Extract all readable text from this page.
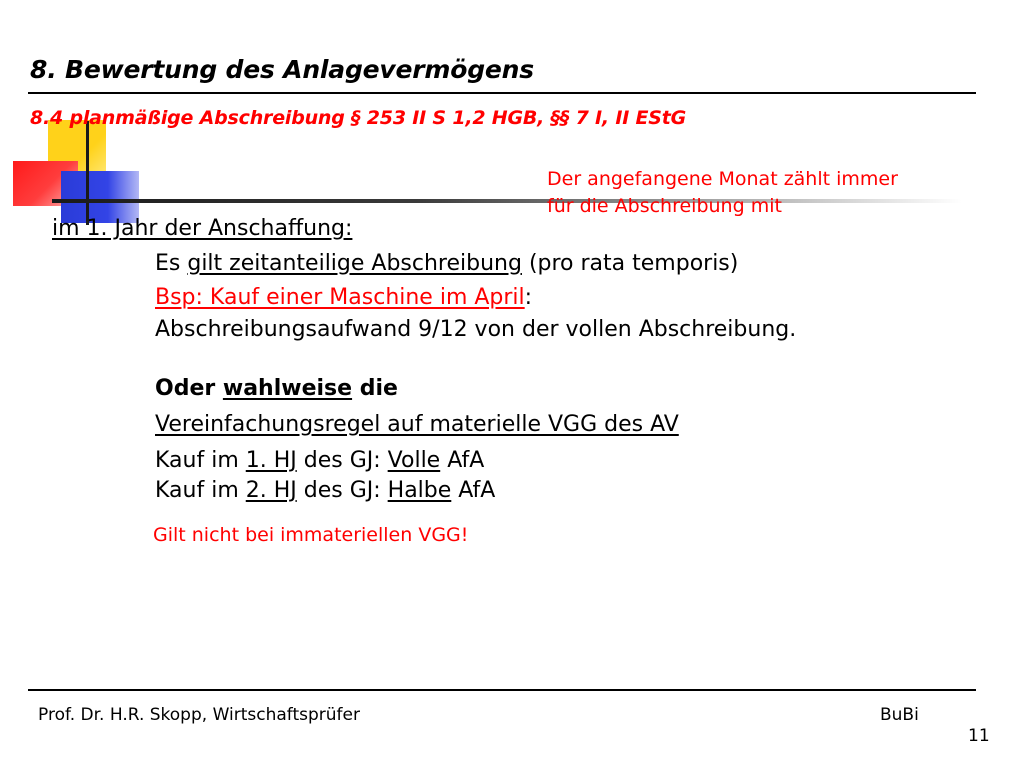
8. Bewertung des Anlagevermögens
8.4 planmäßige Abschreibung § 253 II S 1,2 HGB, §§ 7 I, II EStG
Der angefangene Monat zählt immer
für die Abschreibung mit
im 1. Jahr der Anschaffung:
Es gilt zeitanteilige Abschreibung (pro rata temporis)
Bsp: Kauf einer Maschine im April:
Abschreibungsaufwand 9/12 von der vollen Abschreibung.
Oder wahlweise die
Vereinfachungsregel auf materielle VGG des AV
Kauf im 1. HJ des GJ: Volle AfA
Kauf im 2. HJ des GJ: Halbe AfA
Gilt nicht bei immateriellen VGG!
Prof. Dr. H.R. Skopp, Wirtschaftsprüfer	BuBi
11
